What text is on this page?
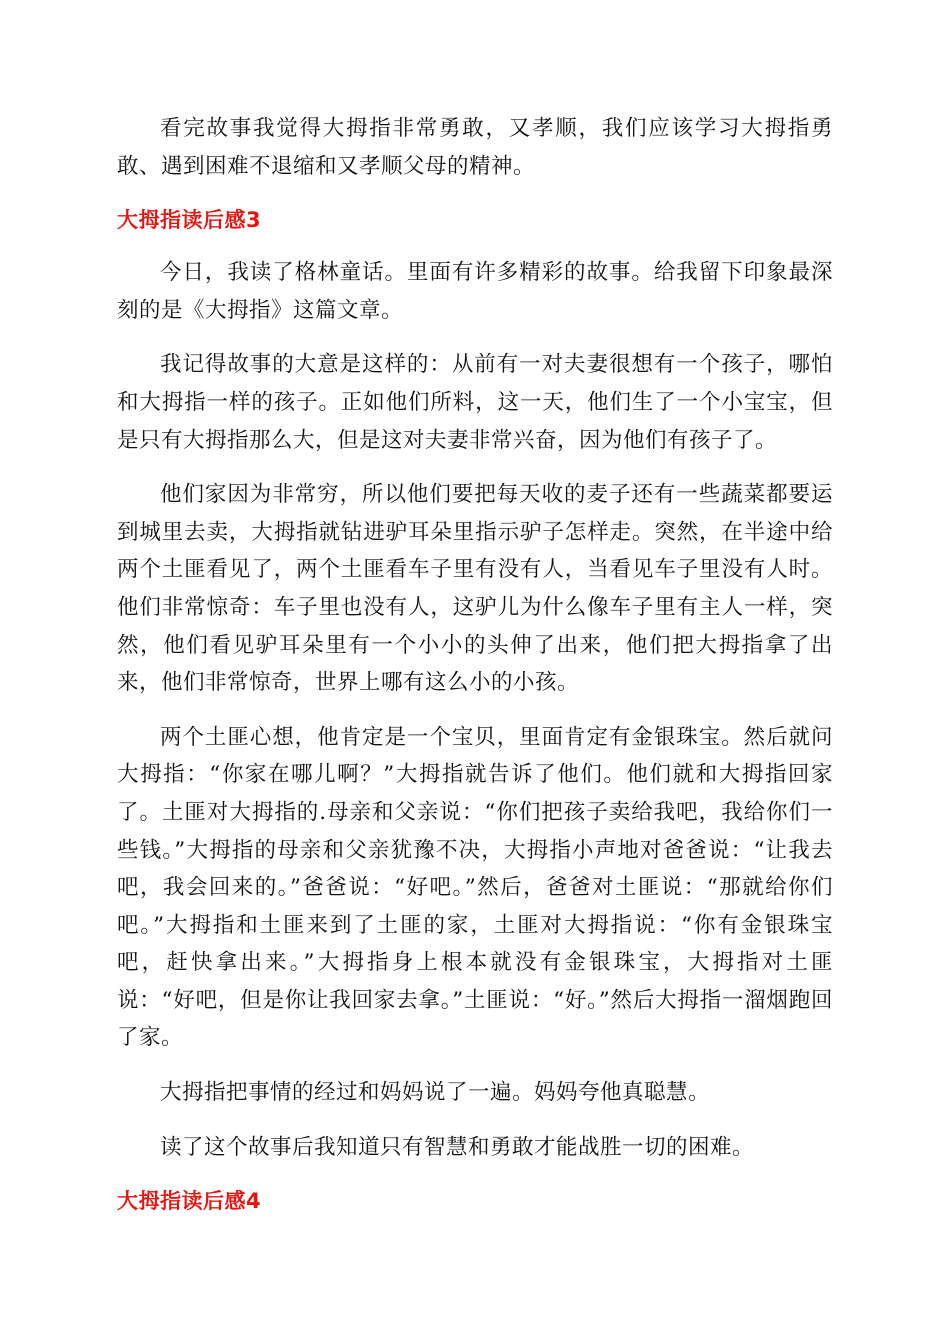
看完故事我觉得大拇指非常勇敢，又孝顺，我们应该学习大拇指勇敢、遇到困难不退缩和又孝顺父母的精神。

大拇指读后感3

今日，我读了格林童话。里面有许多精彩的故事。给我留下印象最深刻的是《大拇指》这篇文章。

我记得故事的大意是这样的：从前有一对夫妻很想有一个孩子，哪怕和大拇指一样的孩子。正如他们所料，这一天，他们生了一个小宝宝，但是只有大拇指那么大，但是这对夫妻非常兴奋，因为他们有孩子了。

他们家因为非常穷，所以他们要把每天收的麦子还有一些蔬菜都要运到城里去卖，大拇指就钻进驴耳朵里指示驴子怎样走。突然，在半途中给两个土匪看见了，两个土匪看车子里有没有人，当看见车子里没有人时。他们非常惊奇：车子里也没有人，这驴儿为什么像车子里有主人一样，突然，他们看见驴耳朵里有一个小小的头伸了出来，他们把大拇指拿了出来，他们非常惊奇，世界上哪有这么小的小孩。

两个土匪心想，他肯定是一个宝贝，里面肯定有金银珠宝。然后就问大拇指：“你家在哪儿啊？”大拇指就告诉了他们。他们就和大拇指回家了。土匪对大拇指的.母亲和父亲说：“你们把孩子卖给我吧，我给你们一些钱。”大拇指的母亲和父亲犹豫不决，大拇指小声地对爸爸说：“让我去吧，我会回来的。”爸爸说：“好吧。”然后，爸爸对土匪说：“那就给你们吧。”大拇指和土匪来到了土匪的家，土匪对大拇指说：“你有金银珠宝吧，赶快拿出来。”大拇指身上根本就没有金银珠宝，大拇指对土匪说：“好吧，但是你让我回家去拿。”土匪说：“好。”然后大拇指一溜烟跑回了家。

大拇指把事情的经过和妈妈说了一遍。妈妈夸他真聪慧。

读了这个故事后我知道只有智慧和勇敢才能战胜一切的困难。

大拇指读后感4
